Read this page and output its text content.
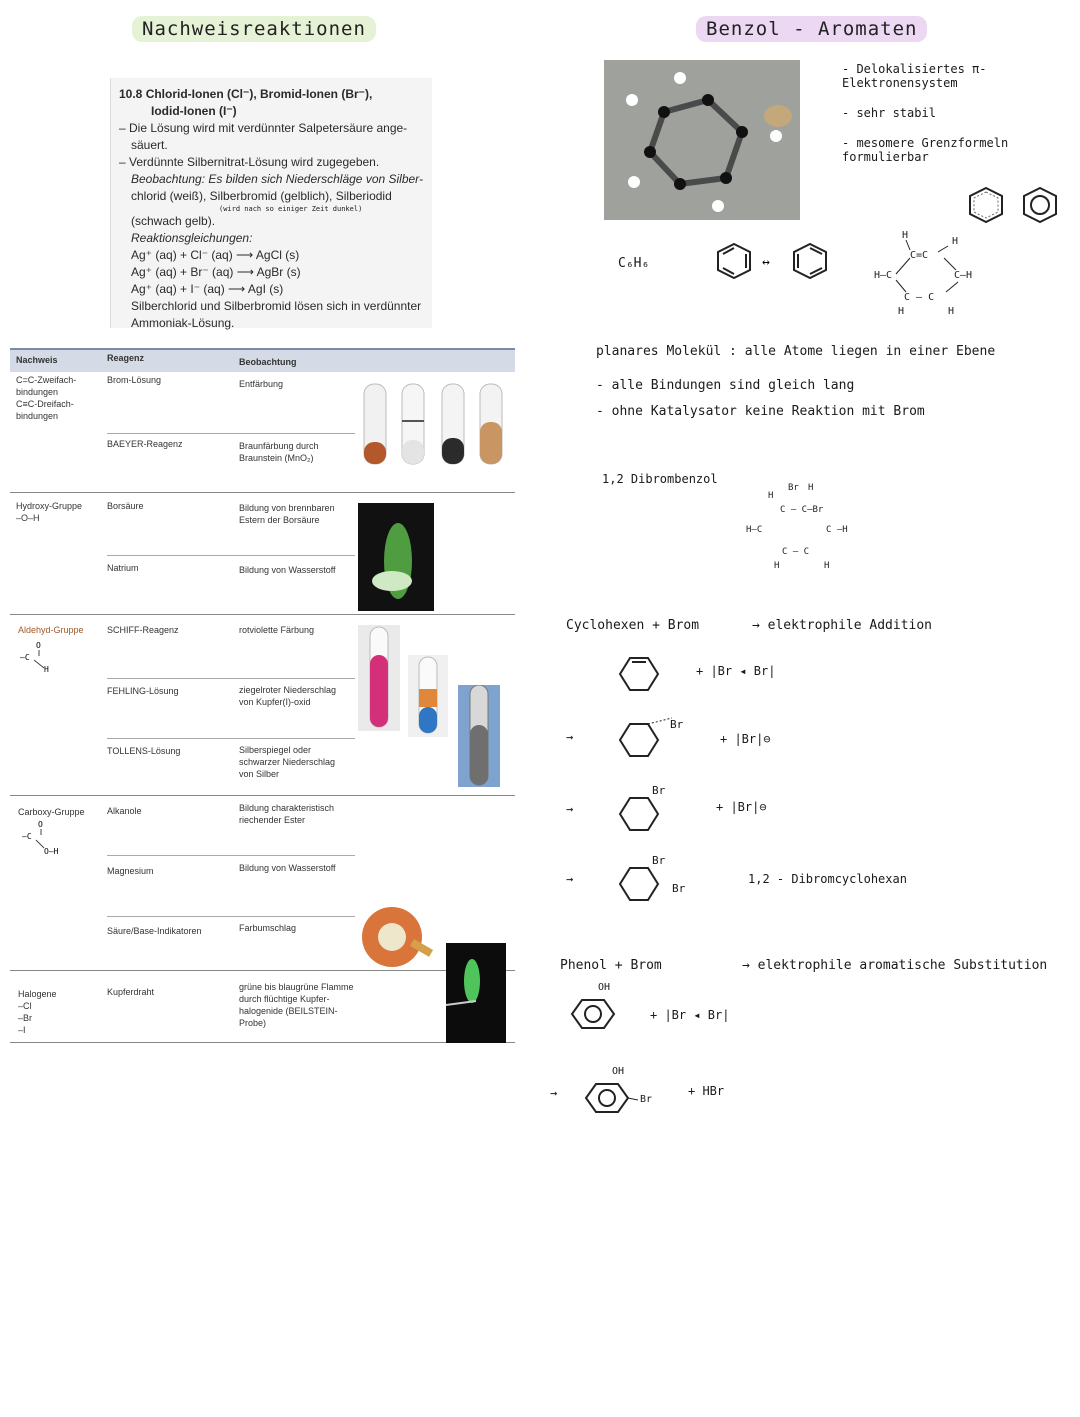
Nachweisreaktionen
10.8 Chlorid-Ionen (Cl⁻), Bromid-Ionen (Br⁻),
Iodid-Ionen (I⁻)
– Die Lösung wird mit verdünnter Salpetersäure ange-
säuert.
– Verdünnte Silbernitrat-Lösung wird zugegeben.
Beobachtung: Es bilden sich Niederschläge von Silber-
chlorid (weiß), Silberbromid (gelblich), Silberiodid
(wird nach so einiger Zeit dunkel)
(schwach gelb).
Reaktionsgleichungen:
Ag⁺ (aq) + Cl⁻ (aq) ⟶ AgCl (s)
Ag⁺ (aq) + Br⁻ (aq) ⟶ AgBr (s)
Ag⁺ (aq) + I⁻ (aq) ⟶ AgI (s)
Silberchlorid und Silberbromid lösen sich in verdünnter
Ammoniak-Lösung.
Nachweis	Reagenz	Beobachtung
C=C-Zweifach-
bindungen
C≡C-Dreifach-
bindungen
Brom-Lösung	Entfärbung
BAEYER-Reagenz	Braunfärbung durch
Braunstein (MnO₂)
Hydroxy-Gruppe
–O–H
Borsäure	Bildung von brennbaren
Estern der Borsäure
Natrium	Bildung von Wasserstoff
Aldehyd-Gruppe
O
–C
H
SCHIFF-Reagenz	rotviolette Färbung
FEHLING-Lösung	ziegelroter Niederschlag
von Kupfer(I)-oxid
TOLLENS-Lösung	Silberspiegel oder
schwarzer Niederschlag
von Silber
Carboxy-Gruppe
O
–C
O–H
Alkanole	Bildung charakteristisch
riechender Ester
Magnesium	Bildung von Wasserstoff
Säure/Base-Indikatoren	Farbumschlag
Halogene
–Cl
–Br
–I
Kupferdraht	grüne bis blaugrüne Flamme
durch flüchtige Kupfer-
halogenide (BEILSTEIN-
Probe)
Benzol - Aromaten
- Delokalisiertes π-
Elektronensystem
- sehr stabil
- mesomere Grenzformeln
formulierbar
C₆H₆	↔
H
H
C=C
H–C	C–H
C – C
H	H
planares Molekül : alle Atome liegen in einer Ebene
- alle Bindungen sind gleich lang
- ohne Katalysator keine Reaktion mit Brom
1,2 Dibrombenzol
H
Br H
C – C–Br
H–C	C –H
C – C
H	H
Cyclohexen + Brom	→ elektrophile Addition
+ |Br ◂ Br|
→
Br
+ |Br|⊖
→
Br
+ |Br|⊖
→
Br
Br
1,2 - Dibromcyclohexan
Phenol + Brom	→ elektrophile aromatische Substitution
OH
+ |Br ◂ Br|
→
OH
Br
+ HBr
